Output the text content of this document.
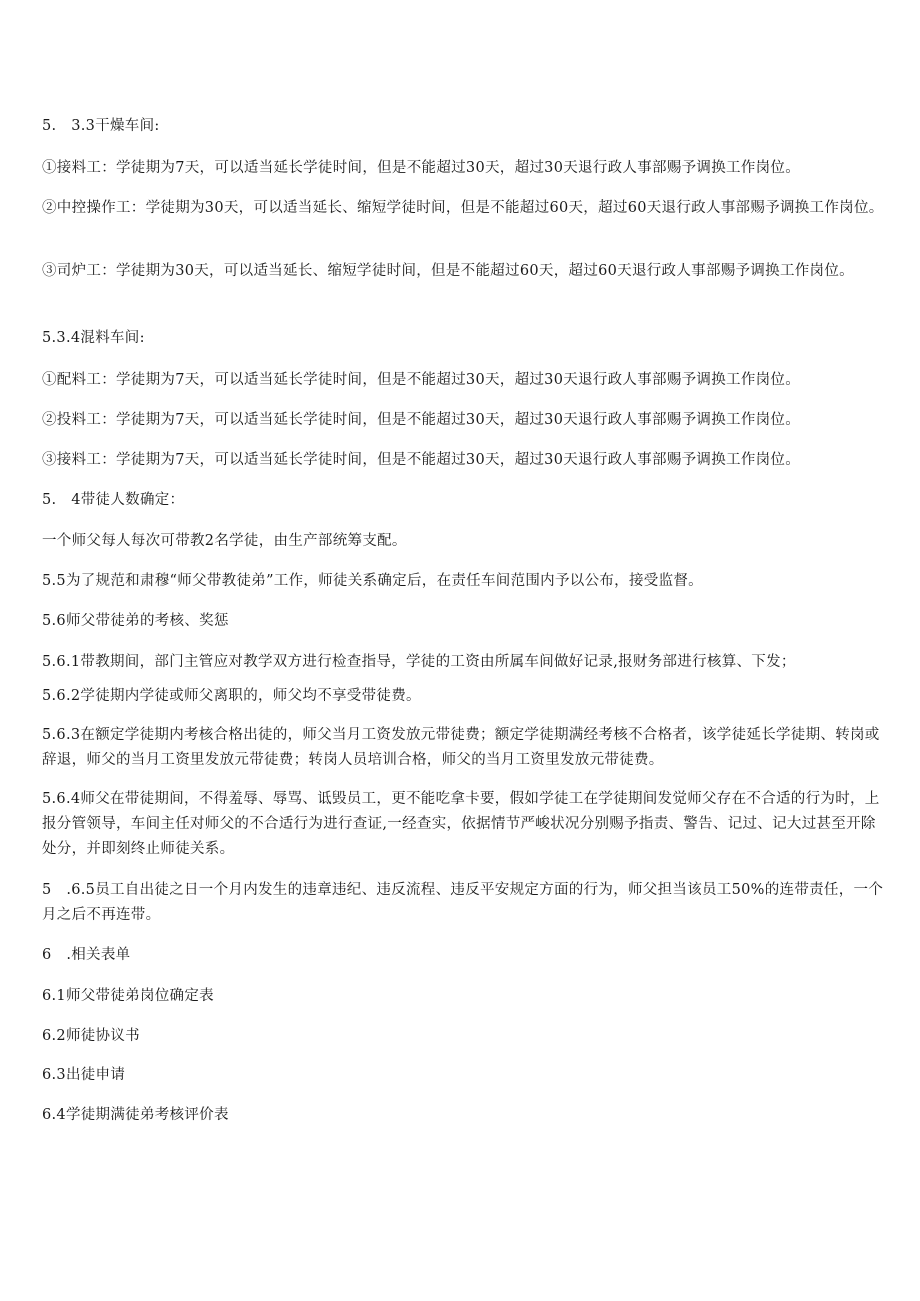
5.　3.3干燥车间:
①接料工：学徒期为7天，可以适当延长学徒时间，但是不能超过30天，超过30天退行政人事部赐予调换工作岗位。
②中控操作工：学徒期为30天，可以适当延长、缩短学徒时间，但是不能超过60天，超过60天退行政人事部赐予调换工作岗位。
③司炉工：学徒期为30天，可以适当延长、缩短学徒时间，但是不能超过60天，超过60天退行政人事部赐予调换工作岗位。
5.3.4混料车间:
①配料工：学徒期为7天，可以适当延长学徒时间，但是不能超过30天，超过30天退行政人事部赐予调换工作岗位。
②投料工：学徒期为7天，可以适当延长学徒时间，但是不能超过30天，超过30天退行政人事部赐予调换工作岗位。
③接料工：学徒期为7天，可以适当延长学徒时间，但是不能超过30天，超过30天退行政人事部赐予调换工作岗位。
5.　4带徒人数确定：
一个师父每人每次可带教2名学徒，由生产部统筹支配。
5.5为了规范和肃穆“师父带教徒弟”工作，师徒关系确定后，在责任车间范围内予以公布，接受监督。
5.6师父带徒弟的考核、奖惩
5.6.1带教期间，部门主管应对教学双方进行检查指导，学徒的工资由所属车间做好记录,报财务部进行核算、下发；
5.6.2学徒期内学徒或师父离职的，师父均不享受带徒费。
5.6.3在额定学徒期内考核合格出徒的，师父当月工资发放元带徒费；额定学徒期满经考核不合格者，该学徒延长学徒期、转岗或辞退，师父的当月工资里发放元带徒费；转岗人员培训合格，师父的当月工资里发放元带徒费。
5.6.4师父在带徒期间，不得羞辱、辱骂、诋毁员工，更不能吃拿卡要，假如学徒工在学徒期间发觉师父存在不合适的行为时，上报分管领导，车间主任对师父的不合适行为进行查证,一经查实，依据情节严峻状况分别赐予指责、警告、记过、记大过甚至开除处分，并即刻终止师徒关系。
5　.6.5员工自出徒之日一个月内发生的违章违纪、违反流程、违反平安规定方面的行为，师父担当该员工50%的连带责任，一个月之后不再连带。
6　.相关表单
6.1师父带徒弟岗位确定表
6.2师徒协议书
6.3出徒申请
6.4学徒期满徒弟考核评价表
